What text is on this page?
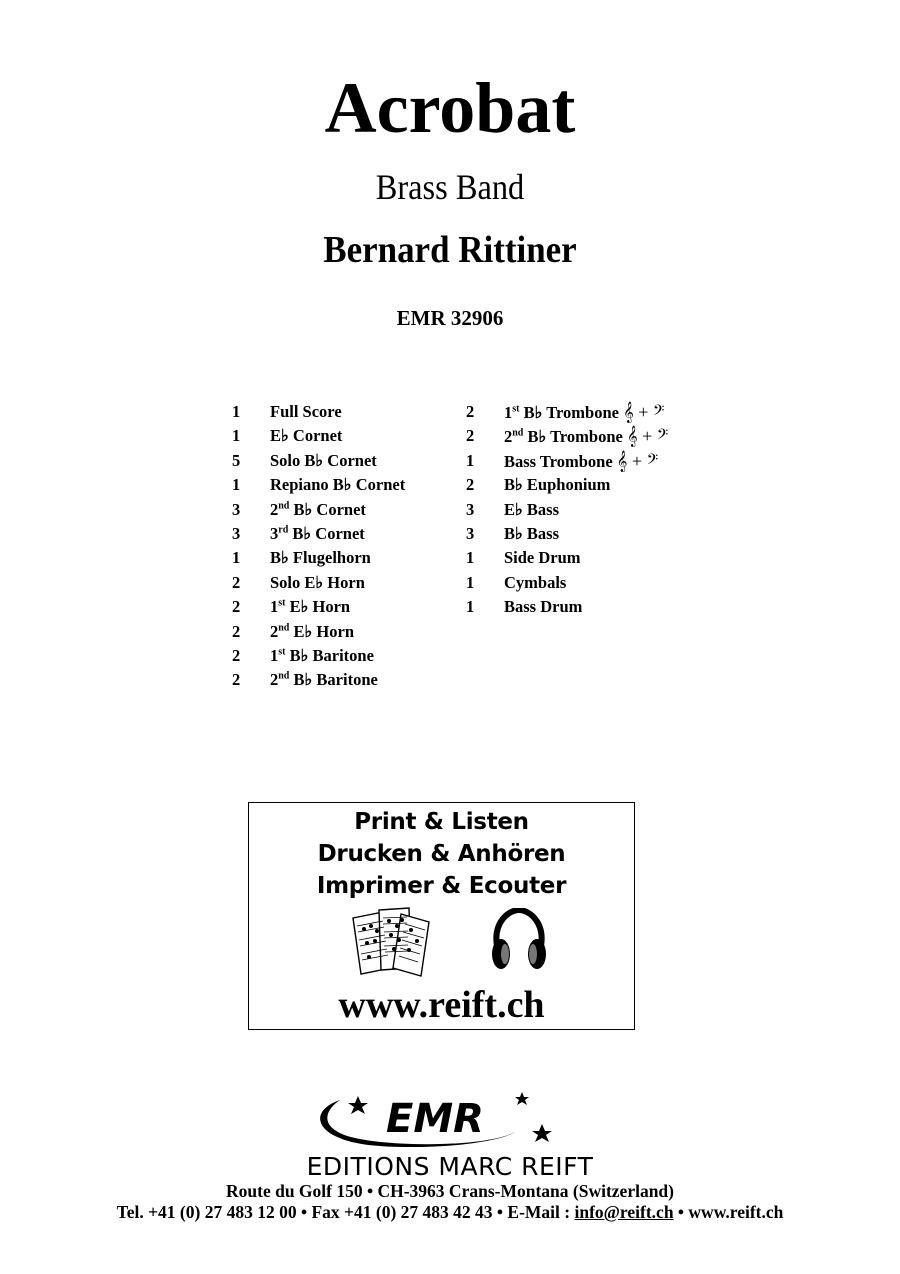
Acrobat
Brass Band
Bernard Rittiner
EMR 32906
1	Full Score
1	E♭ Cornet
5	Solo B♭ Cornet
1	Repiano B♭ Cornet
3	2nd B♭ Cornet
3	3rd B♭ Cornet
1	B♭ Flugelhorn
2	Solo E♭ Horn
2	1st E♭ Horn
2	2nd E♭ Horn
2	1st B♭ Baritone
2	2nd B♭ Baritone
2	1st B♭ Trombone 𝄞 + 𝄢
2	2nd B♭ Trombone 𝄞 + 𝄢
1	Bass Trombone 𝄞 + 𝄢
2	B♭ Euphonium
3	E♭ Bass
3	B♭ Bass
1	Side Drum
1	Cymbals
1	Bass Drum
Print & Listen
Drucken & Anhören
Imprimer & Ecouter
www.reift.ch
EMR
EDITIONS MARC REIFT
Route du Golf 150 • CH-3963 Crans-Montana (Switzerland)
Tel. +41 (0) 27 483 12 00 • Fax +41 (0) 27 483 42 43 • E-Mail : info@reift.ch • www.reift.ch
